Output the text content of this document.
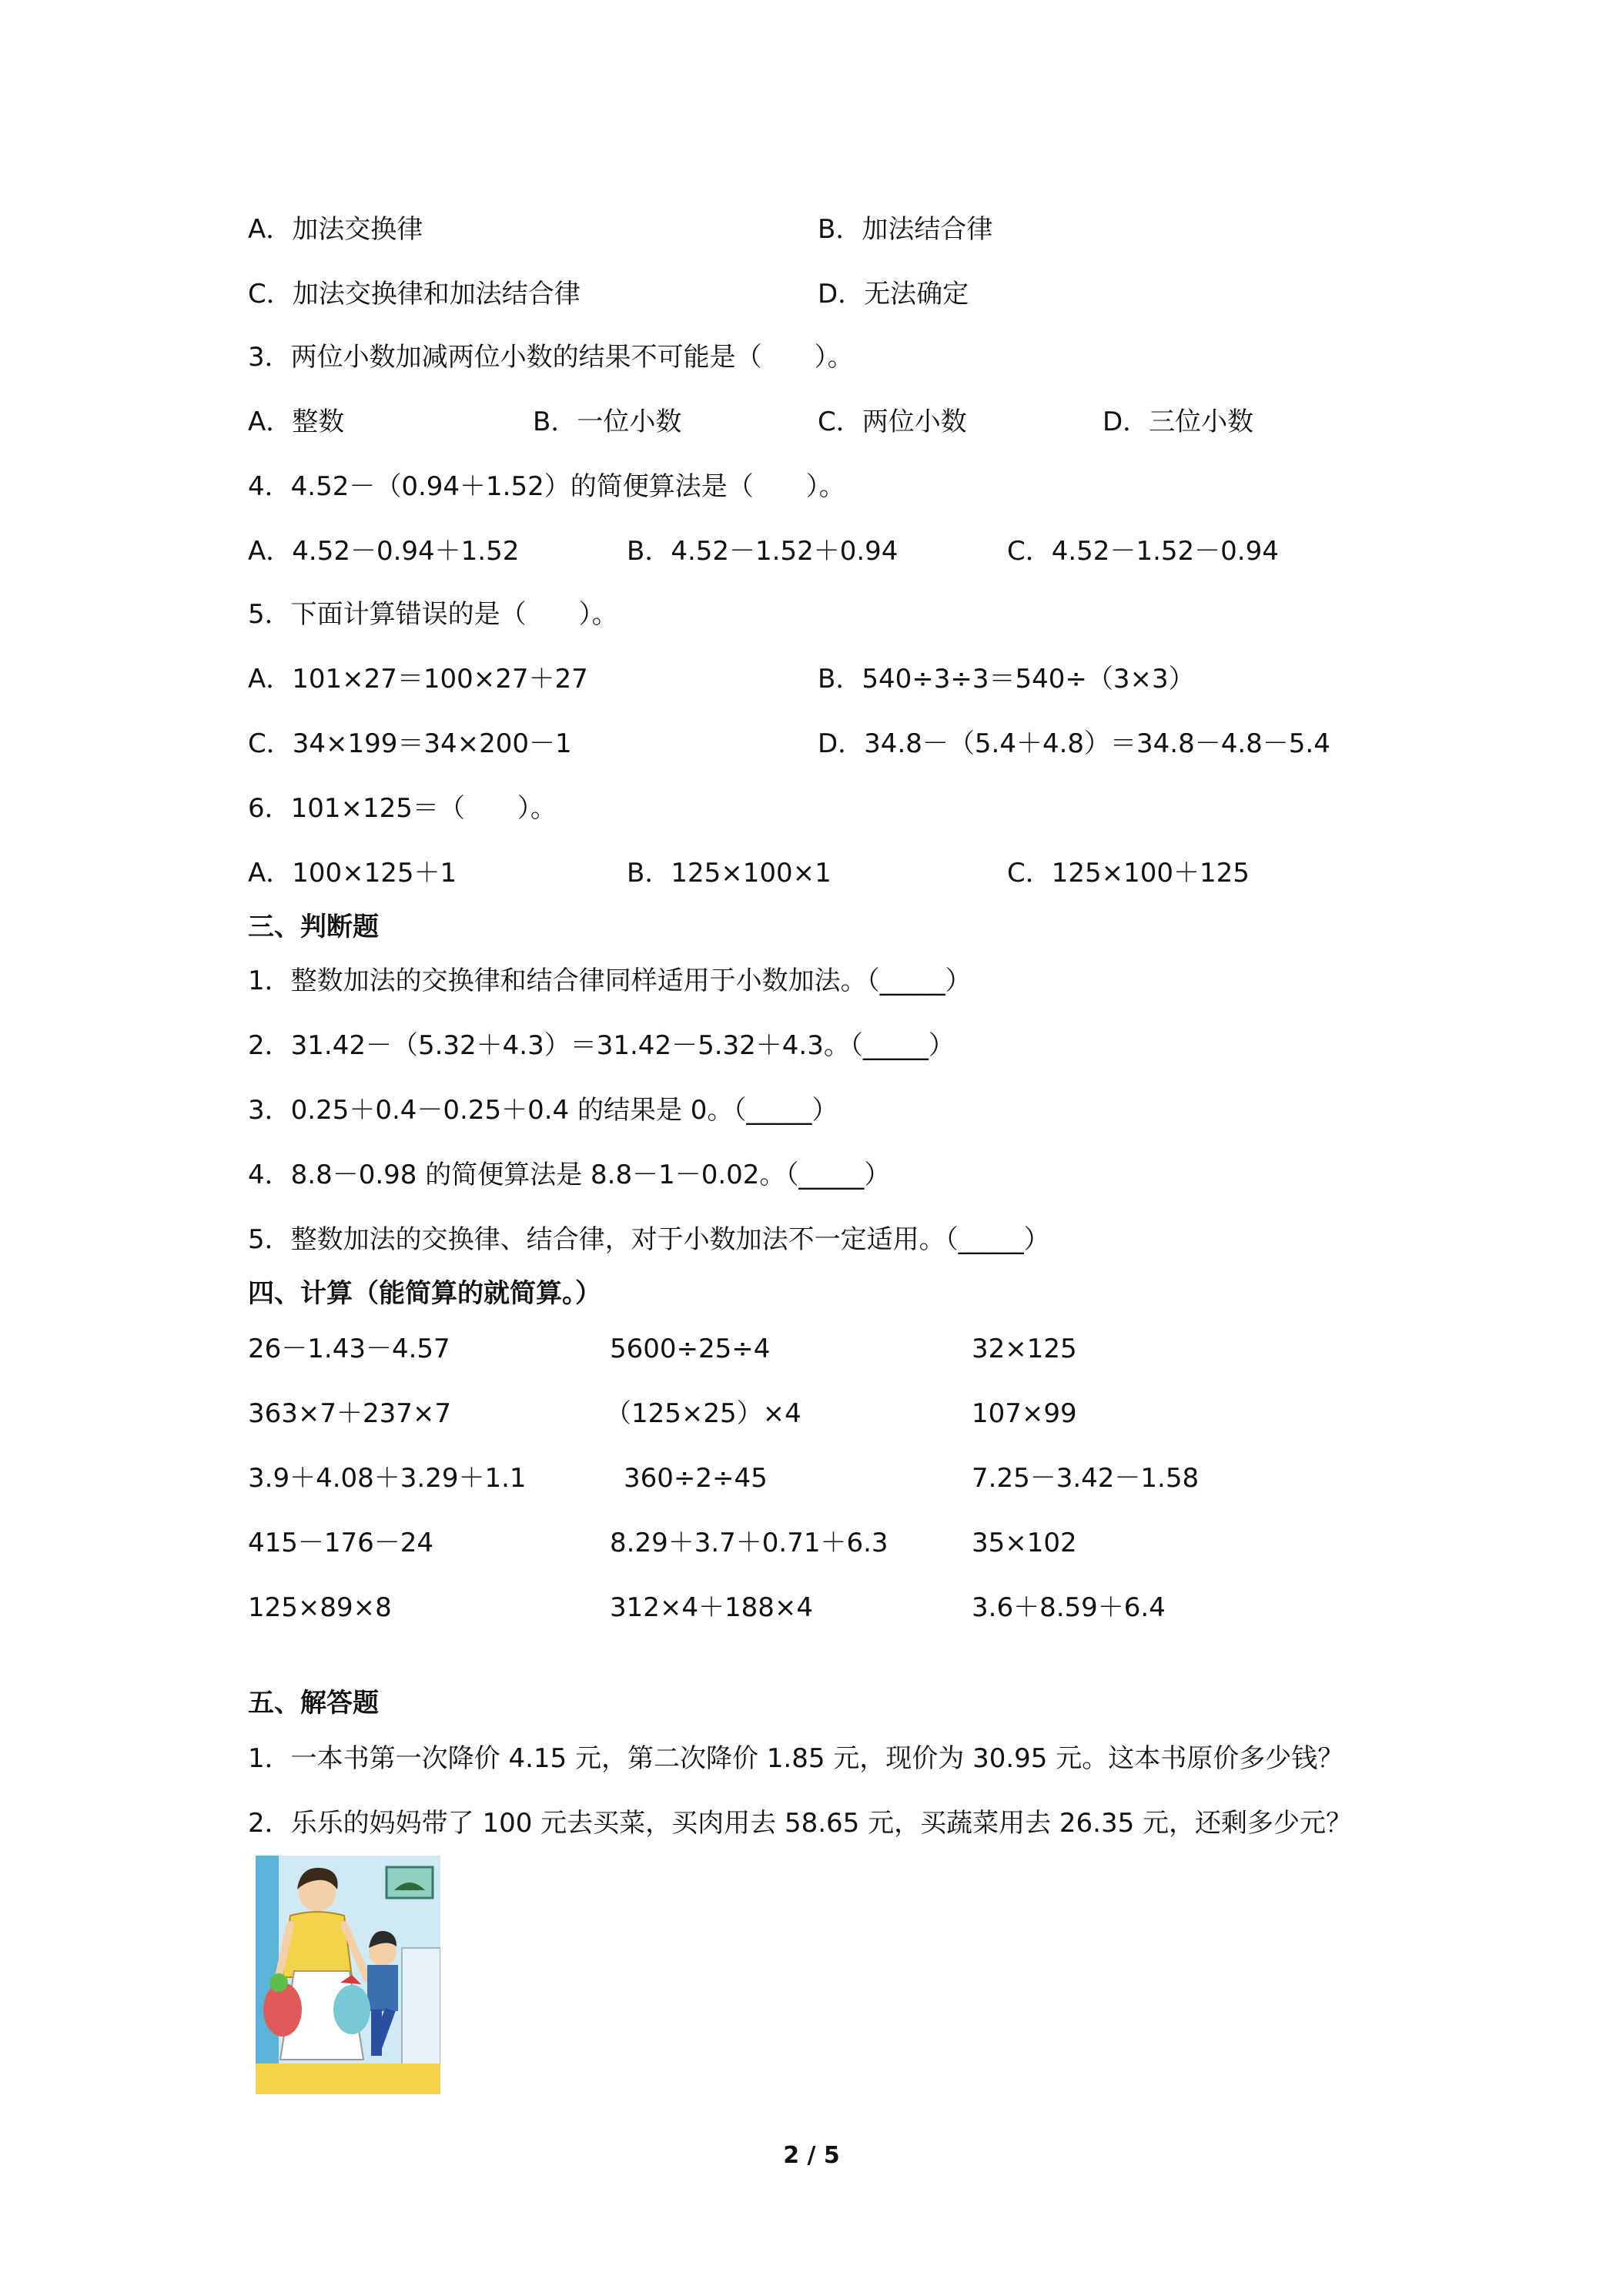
A．加法交换律	B．加法结合律
C．加法交换律和加法结合律	D．无法确定
3．两位小数加减两位小数的结果不可能是（　　）。
A．整数	B．一位小数	C．两位小数	D．三位小数
4．4.52－（0.94＋1.52）的简便算法是（　　）。
A．4.52－0.94＋1.52	B．4.52－1.52＋0.94	C．4.52－1.52－0.94
5．下面计算错误的是（　　）。
A．101×27＝100×27＋27	B．540÷3÷3＝540÷（3×3）
C．34×199＝34×200－1	D．34.8－（5.4＋4.8）＝34.8－4.8－5.4
6．101×125＝（　　）。
A．100×125＋1	B．125×100×1	C．125×100＋125
三、判断题
1．整数加法的交换律和结合律同样适用于小数加法。（_____）
2．31.42－（5.32＋4.3）＝31.42－5.32＋4.3。（_____）
3．0.25＋0.4－0.25＋0.4 的结果是 0。（_____）
4．8.8－0.98 的简便算法是 8.8－1－0.02。（_____）
5．整数加法的交换律、结合律，对于小数加法不一定适用。（_____）
四、计算（能简算的就简算。）
26－1.43－4.57	5600÷25÷4	32×125
363×7＋237×7	（125×25）×4	107×99
3.9＋4.08＋3.29＋1.1	360÷2÷45	7.25－3.42－1.58
415－176－24	8.29＋3.7＋0.71＋6.3	35×102
125×89×8	312×4＋188×4	3.6＋8.59＋6.4
五、解答题
1．一本书第一次降价 4.15 元，第二次降价 1.85 元，现价为 30.95 元。这本书原价多少钱？
2．乐乐的妈妈带了 100 元去买菜，买肉用去 58.65 元，买蔬菜用去 26.35 元，还剩多少元？
2 / 5
